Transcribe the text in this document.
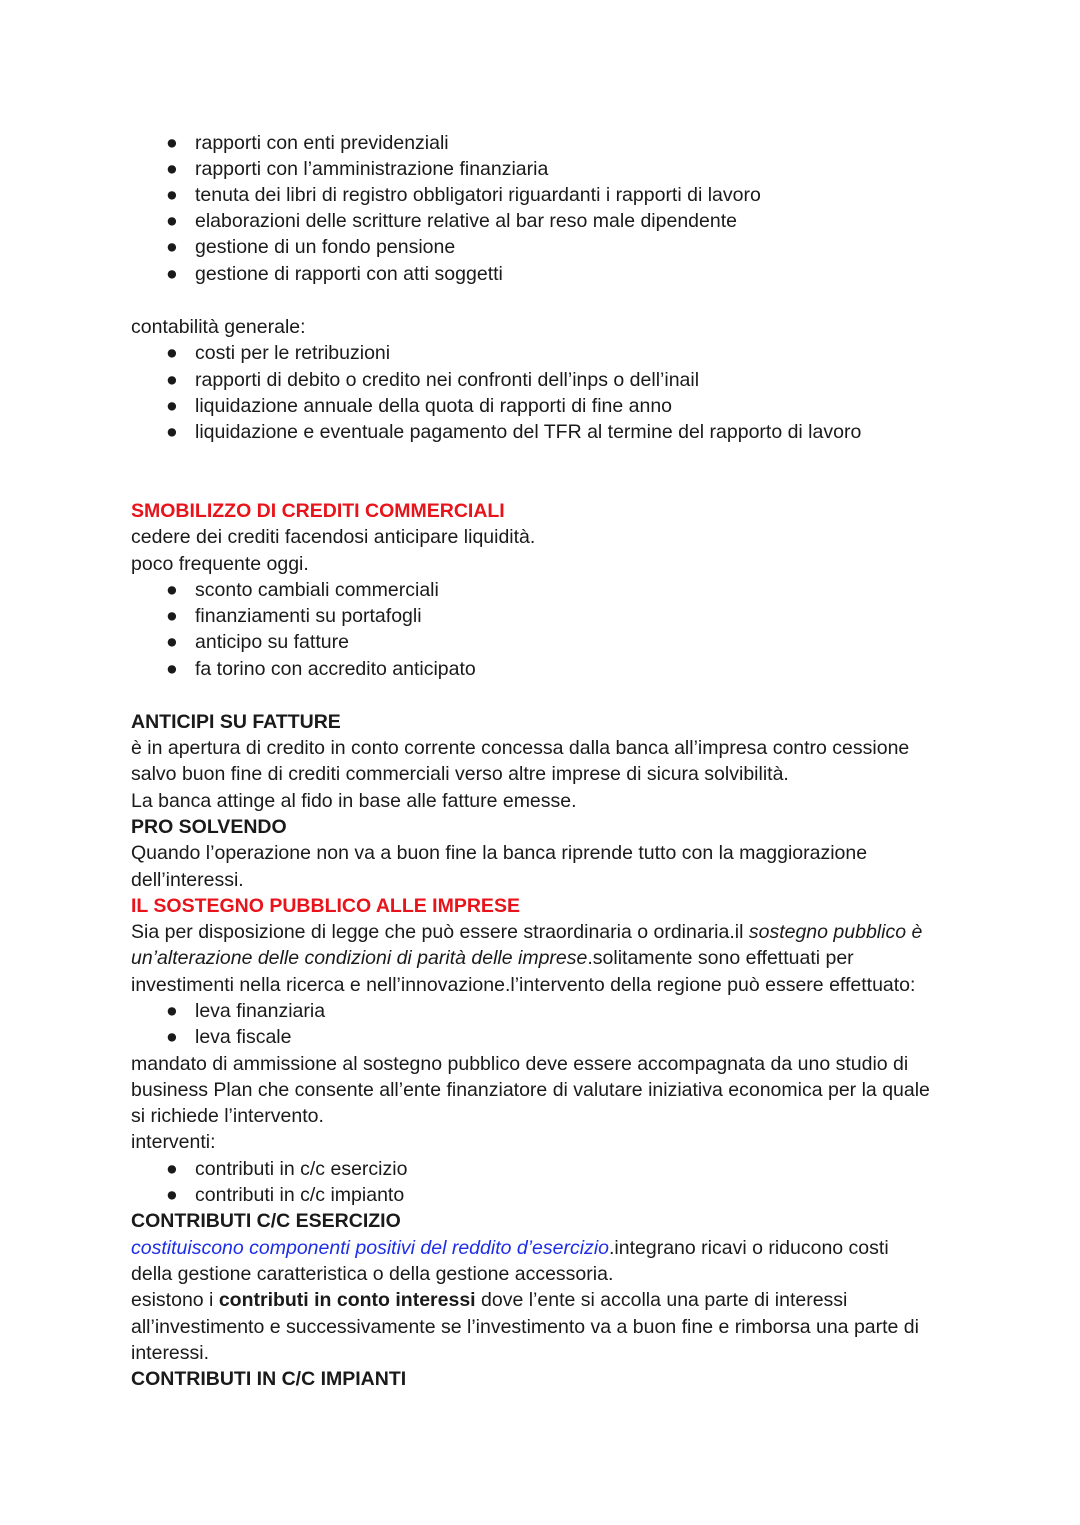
● rapporti con enti previdenziali
● rapporti con l’amministrazione finanziaria
● tenuta dei libri di registro obbligatori riguardanti i rapporti di lavoro
● elaborazioni delle scritture relative al bar reso male dipendente
● gestione di un fondo pensione
● gestione di rapporti con atti soggetti
contabilità generale:
● costi per le retribuzioni
● rapporti di debito o credito nei confronti dell’inps o dell’inail
● liquidazione annuale della quota di rapporti di fine anno
● liquidazione e eventuale pagamento del TFR al termine del rapporto di lavoro
SMOBILIZZO DI CREDITI COMMERCIALI
cedere dei crediti facendosi anticipare liquidità.
poco frequente oggi.
● sconto cambiali commerciali
● finanziamenti su portafogli
● anticipo su fatture
● fa torino con accredito anticipato
ANTICIPI SU FATTURE
è in apertura di credito in conto corrente concessa dalla banca all’impresa contro cessione
salvo buon fine di crediti commerciali verso altre imprese di sicura solvibilità.
La banca attinge al fido in base alle fatture emesse.
PRO SOLVENDO
Quando l’operazione non va a buon fine la banca riprende tutto con la maggiorazione
dell’interessi.
IL SOSTEGNO PUBBLICO ALLE IMPRESE
Sia per disposizione di legge che può essere straordinaria o ordinaria.il sostegno pubblico è
un’alterazione delle condizioni di parità delle imprese.solitamente sono effettuati per
investimenti nella ricerca e nell’innovazione.l’intervento della regione può essere effettuato:
● leva finanziaria
● leva fiscale
mandato di ammissione al sostegno pubblico deve essere accompagnata da uno studio di
business Plan che consente all’ente finanziatore di valutare iniziativa economica per la quale
si richiede l’intervento.
interventi:
● contributi in c/c esercizio
● contributi in c/c impianto
CONTRIBUTI C/C ESERCIZIO
costituiscono componenti positivi del reddito d’esercizio.integrano ricavi o riducono costi
della gestione caratteristica o della gestione accessoria.
esistono i contributi in conto interessi dove l’ente si accolla una parte di interessi
all’investimento e successivamente se l’investimento va a buon fine e rimborsa una parte di
interessi.
CONTRIBUTI IN C/C IMPIANTI
